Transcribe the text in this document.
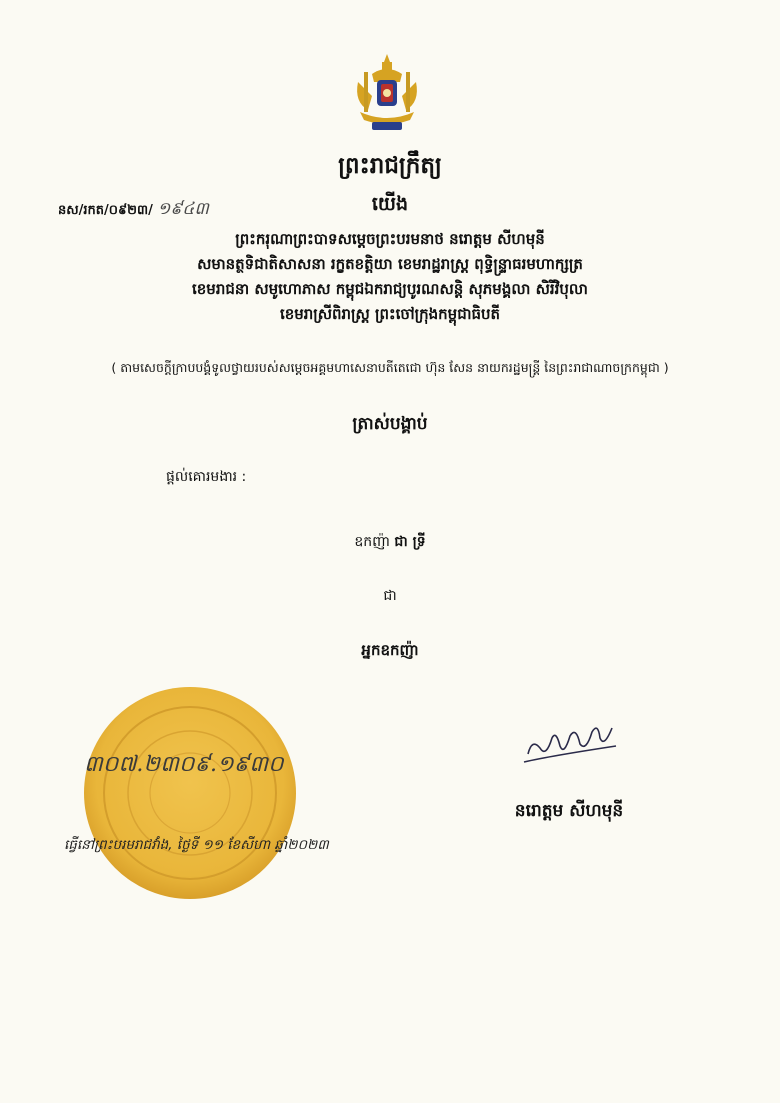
ព្រះរាជក្រឹត្យ
នស/រកត/០៩២៣/ ១៩៤៣	យើង
ព្រះករុណាព្រះបាទសម្តេចព្រះបរមនាថ នរោត្តម សីហមុនី
សមានត្ថទិជាតិសាសនា រក្ខតខត្តិយា ខេមរាដ្ឋរាស្ត្រ ពុទ្ធិន្ទ្រាធរមហាក្សត្រ
ខេមរាជនា សមូហោភាស កម្ពុជឯករាជ្យបូរណសន្តិ សុភមង្គលា សិរីវិបុលា
ខេមរាស្រីពិរាស្ត្រ ព្រះចៅក្រុងកម្ពុជាធិបតី
( តាមសេចក្តីក្រាបបង្គំទូលថ្វាយរបស់សម្តេចអគ្គមហាសេនាបតីតេជោ ហ៊ុន សែន នាយករដ្ឋមន្ត្រី នៃព្រះរាជាណាចក្រកម្ពុជា )
ត្រាស់បង្គាប់
ផ្តល់គោរមងារ :
ឧកញ៉ា ជា ទ្រី
ជា
អ្នកឧកញ៉ា
៣០៧.២៣០៩.១៩៣០
ធ្វើនៅព្រះបរមរាជវាំង, ថ្ងៃទី ១១ ខែសីហា ឆ្នាំ២០២៣
នរោត្តម សីហមុនី
